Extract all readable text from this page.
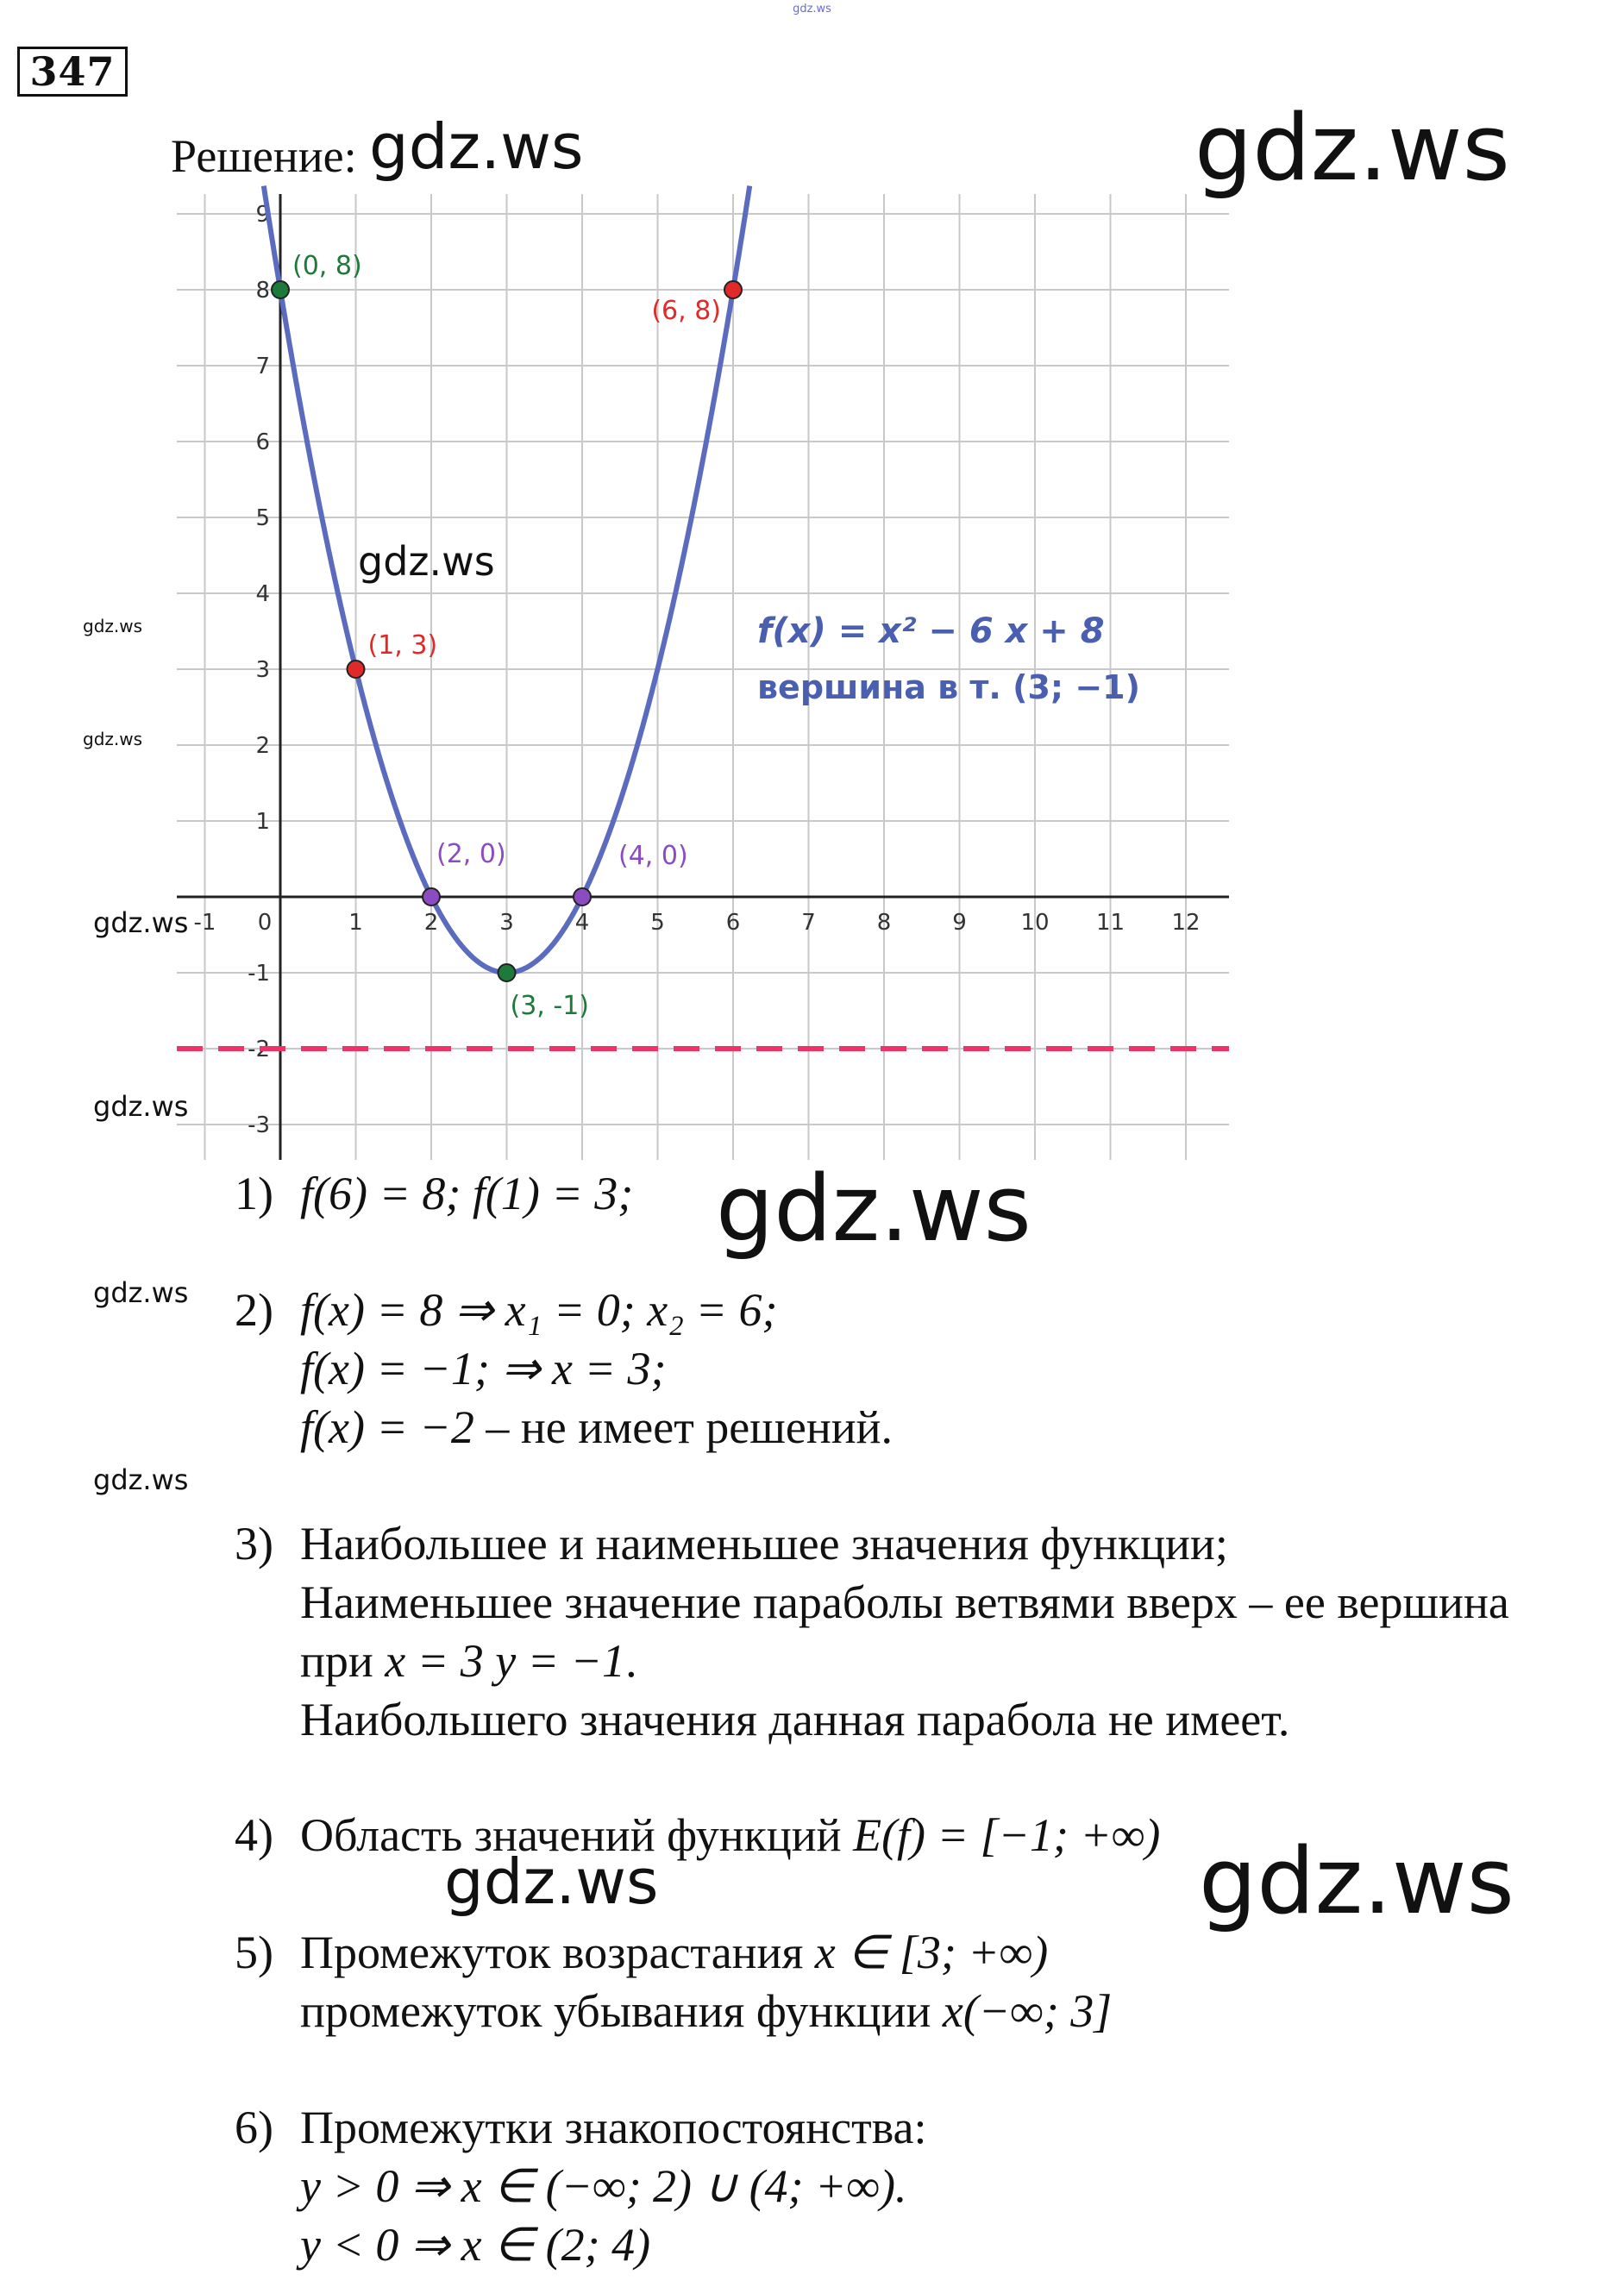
gdz.ws
347
Решение:
-1 0	1	2	3	4	5	6	7	8	9 10 11 12
-3
-2
-1
1
2
3
4
5
6
7
8
9
(0, 8)
(6, 8)
(1, 3)
(2, 0)	(4, 0)
(3, -1)
f(x) = x² − 6 x + 8
вершина в т. (3; −1)
gdz.ws	gdz.ws
gdz.ws
gdz.ws
gdz.ws
gdz.ws
gdz.ws
gdz.ws
gdz.ws
1) f(6) = 8; f(1) = 3; gdz.ws
2) f(x) = 8 ⇒ x₁ = 0; x₂ = 6;
f(x) = −1; ⇒ x = 3;
f(x) = −2 – не имеет решений.
3) Наибольшее и наименьшее значения функции;
Наименьшее значение параболы ветвями вверх – ее вершина
при x = 3 y = −1.
Наибольшего значения данная парабола не имеет.
4) Область значений функций E(f) = [−1; +∞)
gdz.ws	gdz.ws
5) Промежуток возрастания x ∈ [3; +∞)
промежуток убывания функции x(−∞; 3]
6) Промежутки знакопостоянства:
y > 0 ⇒ x ∈ (−∞; 2) ∪ (4; +∞).
y < 0 ⇒ x ∈ (2; 4)
